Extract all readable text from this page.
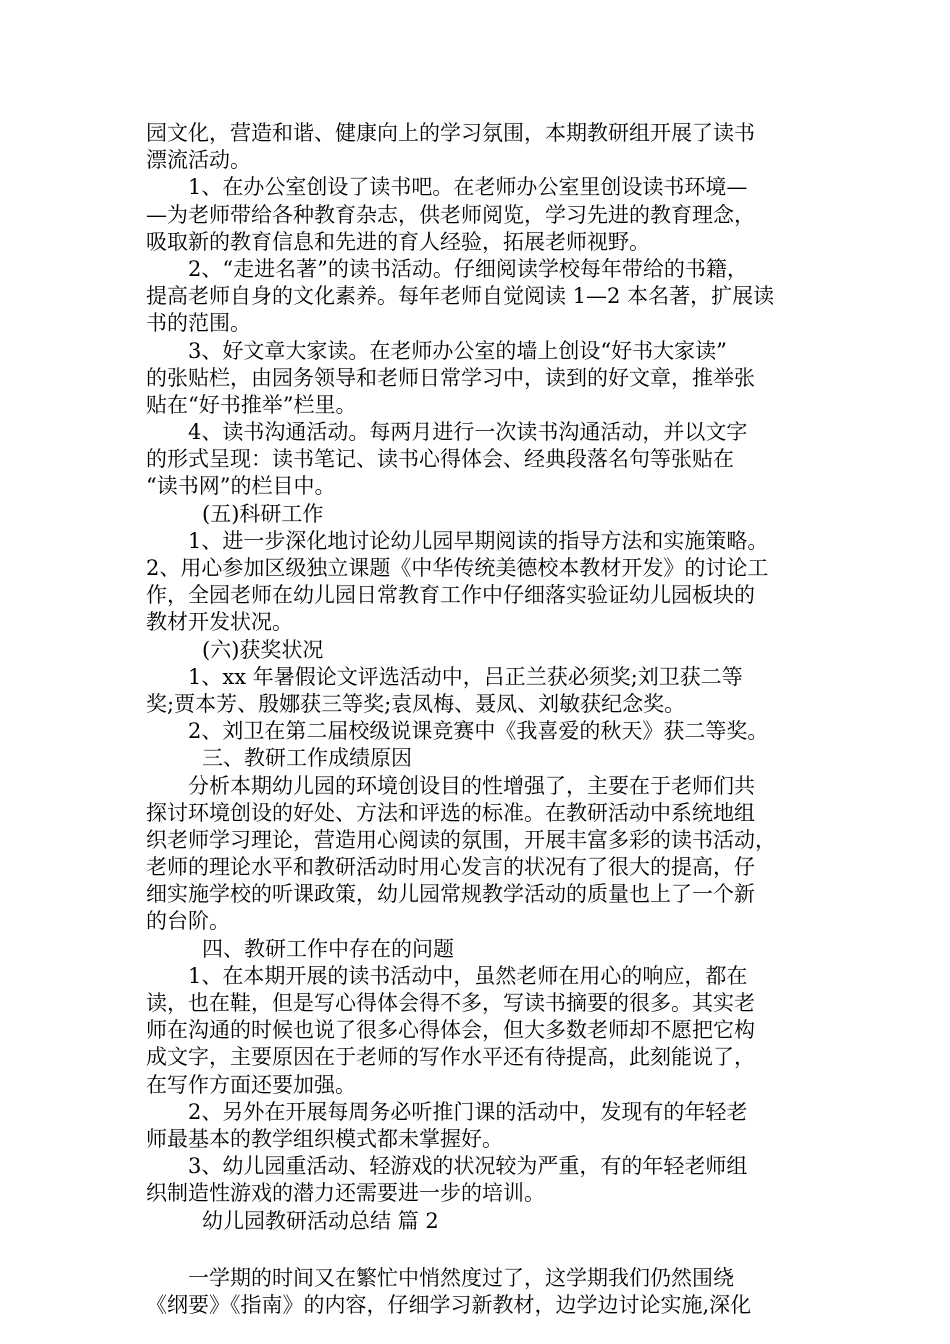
园文化，营造和谐、健康向上的学习氛围，本期教研组开展了读书
漂流活动。
1、在办公室创设了读书吧。在老师办公室里创设读书环境—
—为老师带给各种教育杂志，供老师阅览，学习先进的教育理念，
吸取新的教育信息和先进的育人经验，拓展老师视野。
2、“走进名著”的读书活动。仔细阅读学校每年带给的书籍，
提高老师自身的文化素养。每年老师自觉阅读 1—2 本名著，扩展读
书的范围。
3、好文章大家读。在老师办公室的墙上创设“好书大家读”
的张贴栏，由园务领导和老师日常学习中，读到的好文章，推举张
贴在“好书推举”栏里。
4、读书沟通活动。每两月进行一次读书沟通活动，并以文字
的形式呈现：读书笔记、读书心得体会、经典段落名句等张贴在
“读书网”的栏目中。
(五)科研工作
1、进一步深化地讨论幼儿园早期阅读的指导方法和实施策略。
2、用心参加区级独立课题《中华传统美德校本教材开发》的讨论工
作，全园老师在幼儿园日常教育工作中仔细落实验证幼儿园板块的
教材开发状况。
(六)获奖状况
1、xx 年暑假论文评选活动中，吕正兰获必须奖;刘卫获二等
奖;贾本芳、殷娜获三等奖;袁凤梅、聂凤、刘敏获纪念奖。
2、刘卫在第二届校级说课竞赛中《我喜爱的秋天》获二等奖。
三、教研工作成绩原因
分析本期幼儿园的环境创设目的性增强了，主要在于老师们共
探讨环境创设的好处、方法和评选的标准。在教研活动中系统地组
织老师学习理论，营造用心阅读的氛围，开展丰富多彩的读书活动，
老师的理论水平和教研活动时用心发言的状况有了很大的提高，仔
细实施学校的听课政策，幼儿园常规教学活动的质量也上了一个新
的台阶。
四、教研工作中存在的问题
1、在本期开展的读书活动中，虽然老师在用心的响应，都在
读，也在鞋，但是写心得体会得不多，写读书摘要的很多。其实老
师在沟通的时候也说了很多心得体会，但大多数老师却不愿把它构
成文字，主要原因在于老师的写作水平还有待提高，此刻能说了，
在写作方面还要加强。
2、另外在开展每周务必听推门课的活动中，发现有的年轻老
师最基本的教学组织模式都未掌握好。
3、幼儿园重活动、轻游戏的状况较为严重，有的年轻老师组
织制造性游戏的潜力还需要进一步的培训。
幼儿园教研活动总结 篇 2
一学期的时间又在繁忙中悄然度过了，这学期我们仍然围绕
《纲要》《指南》的内容，仔细学习新教材，边学边讨论实施,深化
